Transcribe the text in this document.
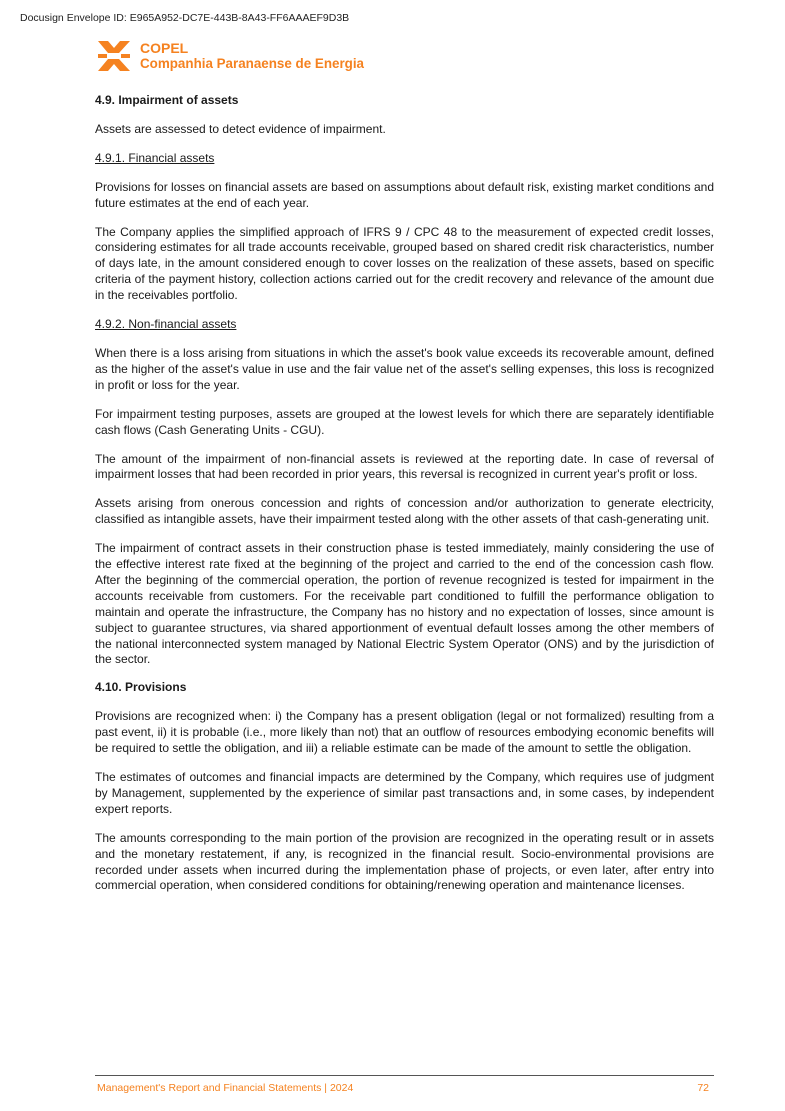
Docusign Envelope ID: E965A952-DC7E-443B-8A43-FF6AAAEF9D3B
COPEL
Companhia Paranaense de Energia
4.9. Impairment of assets

Assets are assessed to detect evidence of impairment.

4.9.1. Financial assets

Provisions for losses on financial assets are based on assumptions about default risk, existing market conditions and future estimates at the end of each year.

The Company applies the simplified approach of IFRS 9 / CPC 48 to the measurement of expected credit losses, considering estimates for all trade accounts receivable, grouped based on shared credit risk characteristics, number of days late, in the amount considered enough to cover losses on the realization of these assets, based on specific criteria of the payment history, collection actions carried out for the credit recovery and relevance of the amount due in the receivables portfolio.

4.9.2. Non-financial assets

When there is a loss arising from situations in which the asset's book value exceeds its recoverable amount, defined as the higher of the asset's value in use and the fair value net of the asset's selling expenses, this loss is recognized in profit or loss for the year.

For impairment testing purposes, assets are grouped at the lowest levels for which there are separately identifiable cash flows (Cash Generating Units - CGU).

The amount of the impairment of non-financial assets is reviewed at the reporting date. In case of reversal of impairment losses that had been recorded in prior years, this reversal is recognized in current year's profit or loss.

Assets arising from onerous concession and rights of concession and/or authorization to generate electricity, classified as intangible assets, have their impairment tested along with the other assets of that cash-generating unit.

The impairment of contract assets in their construction phase is tested immediately, mainly considering the use of the effective interest rate fixed at the beginning of the project and carried to the end of the concession cash flow. After the beginning of the commercial operation, the portion of revenue recognized is tested for impairment in the accounts receivable from customers. For the receivable part conditioned to fulfill the performance obligation to maintain and operate the infrastructure, the Company has no history and no expectation of losses, since amount is subject to guarantee structures, via shared apportionment of eventual default losses among the other members of the national interconnected system managed by National Electric System Operator (ONS) and by the jurisdiction of the sector.

4.10. Provisions

Provisions are recognized when: i) the Company has a present obligation (legal or not formalized) resulting from a past event, ii) it is probable (i.e., more likely than not) that an outflow of resources embodying economic benefits will be required to settle the obligation, and iii) a reliable estimate can be made of the amount to settle the obligation.

The estimates of outcomes and financial impacts are determined by the Company, which requires use of judgment by Management, supplemented by the experience of similar past transactions and, in some cases, by independent expert reports.

The amounts corresponding to the main portion of the provision are recognized in the operating result or in assets and the monetary restatement, if any, is recognized in the financial result. Socio-environmental provisions are recorded under assets when incurred during the implementation phase of projects, or even later, after entry into commercial operation, when considered conditions for obtaining/renewing operation and maintenance licenses.

Management's Report and Financial Statements | 2024	72
